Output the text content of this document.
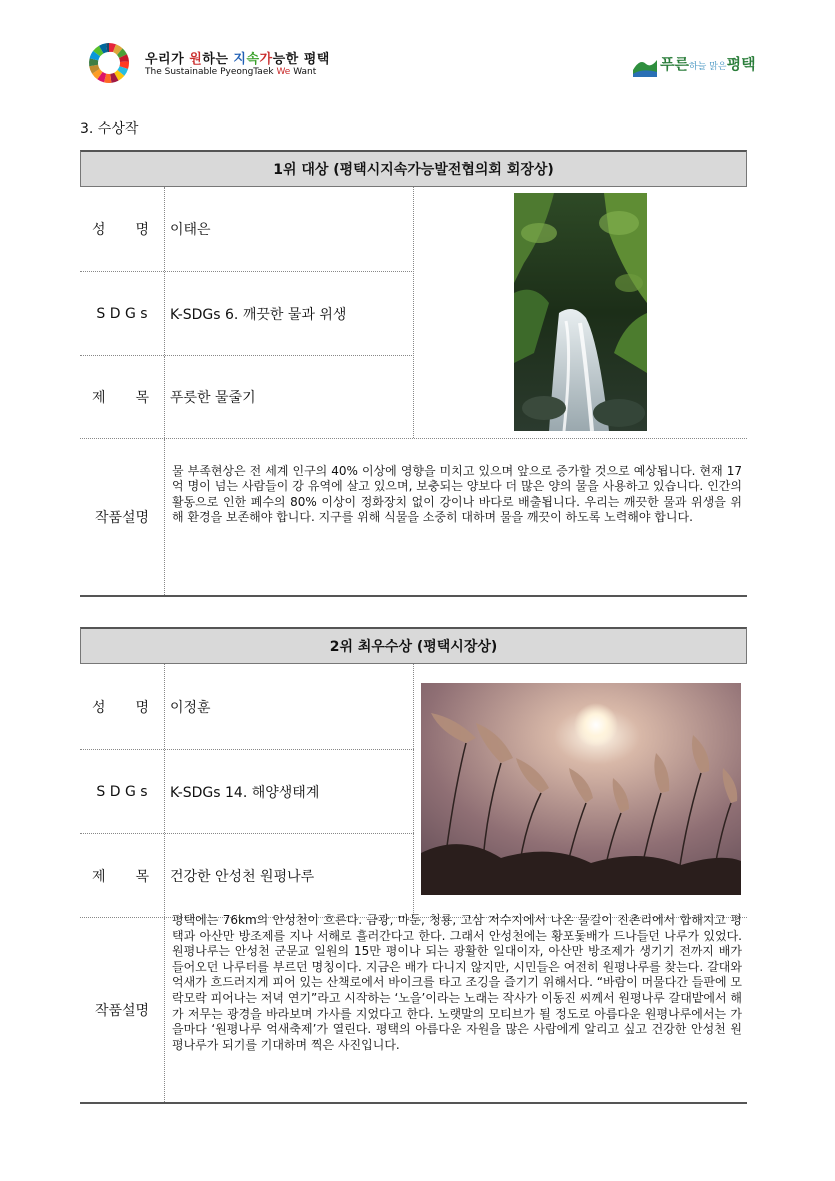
우리가 원하는 지속가능한 평택
The Sustainable PyeongTaek We Want	푸른하늘 맑은평택
3. 수상작
1위 대상 (평택시지속가능발전협의회 회장상)
성 명 이태은
S D G s	K-SDGs 6. 깨끗한 물과 위생
제 목 푸릇한 물줄기
작품설명
물 부족현상은 전 세계 인구의 40% 이상에 영향을 미치고 있으며 앞으로 증가할 것으로 예상됩니다. 현재 17억 명이 넘는 사람들이 강 유역에 살고 있으며, 보충되는 양보다 더 많은 양의 물을 사용하고 있습니다. 인간의 활동으로 인한 폐수의 80% 이상이 정화장치 없이 강이나 바다로 배출됩니다. 우리는 깨끗한 물과 위생을 위해 환경을 보존해야 합니다. 지구를 위해 식물을 소중히 대하며 물을 깨끗이 하도록 노력해야 합니다.
2위 최우수상 (평택시장상)
성 명 이정훈
S D G s	K-SDGs 14. 해양생태계
제 목 건강한 안성천 원평나루
작품설명
평택에는 76km의 안성천이 흐른다. 금광, 마둔, 청룡, 고삼 저수지에서 나온 물길이 진촌리에서 합해지고 평택과 아산만 방조제를 지나 서해로 흘러간다고 한다. 그래서 안성천에는 황포돛배가 드나들던 나루가 있었다. 원평나루는 안성천 군문교 일원의 15만 평이나 되는 광활한 일대이자, 아산만 방조제가 생기기 전까지 배가 들어오던 나루터를 부르던 명칭이다. 지금은 배가 다니지 않지만, 시민들은 여전히 원평나루를 찾는다. 갈대와 억새가 흐드러지게 피어 있는 산책로에서 바이크를 타고 조깅을 즐기기 위해서다. “바람이 머물다간 들판에 모락모락 피어나는 저녁 연기”라고 시작하는 ‘노을’이라는 노래는 작사가 이동진 씨께서 원평나루 갈대밭에서 해가 저무는 광경을 바라보며 가사를 지었다고 한다. 노랫말의 모티브가 될 정도로 아름다운 원평나루에서는 가을마다 ‘원평나루 억새축제’가 열린다. 평택의 아름다운 자원을 많은 사람에게 알리고 싶고 건강한 안성천 원평나루가 되기를 기대하며 찍은 사진입니다.
